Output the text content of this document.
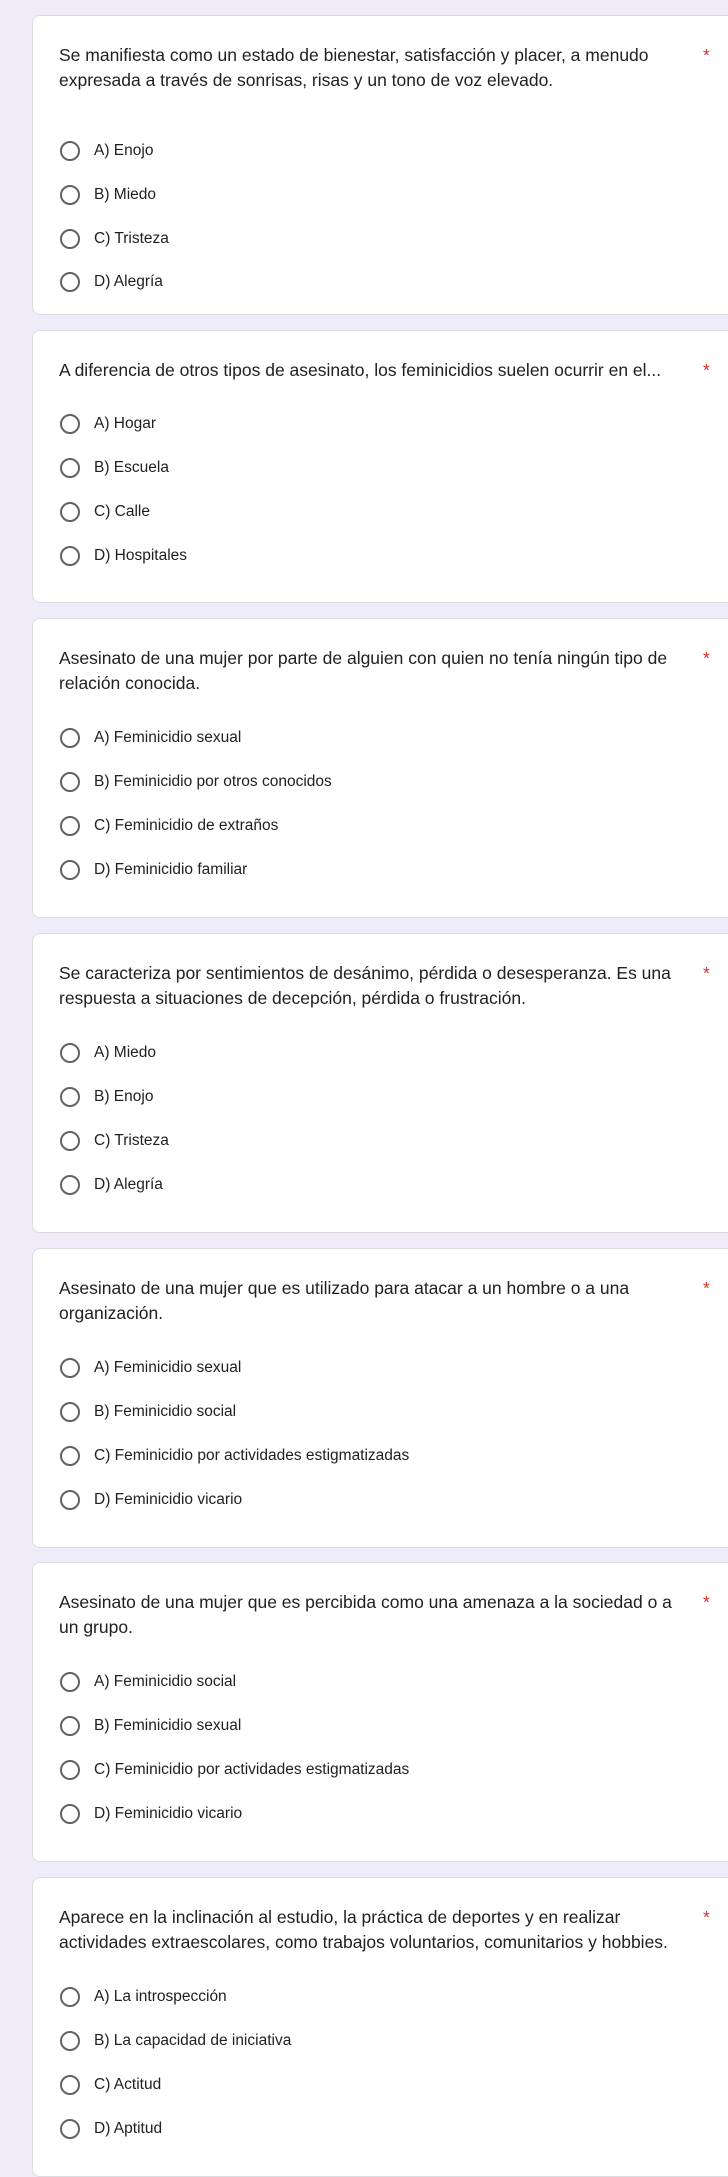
Se manifiesta como un estado de bienestar, satisfacción y placer, a menudo expresada a través de sonrisas, risas y un tono de voz elevado.
*
A) Enojo
B) Miedo
C) Tristeza
D) Alegría
A diferencia de otros tipos de asesinato, los feminicidios suelen ocurrir en el...	*
A) Hogar
B) Escuela
C) Calle
D) Hospitales
Asesinato de una mujer por parte de alguien con quien no tenía ningún tipo de relación conocida.
*
A) Feminicidio sexual
B) Feminicidio por otros conocidos
C) Feminicidio de extraños
D) Feminicidio familiar
Se caracteriza por sentimientos de desánimo, pérdida o desesperanza. Es una respuesta a situaciones de decepción, pérdida o frustración.
*
A) Miedo
B) Enojo
C) Tristeza
D) Alegría
Asesinato de una mujer que es utilizado para atacar a un hombre o a una organización.
*
A) Feminicidio sexual
B) Feminicidio social
C) Feminicidio por actividades estigmatizadas
D) Feminicidio vicario
Asesinato de una mujer que es percibida como una amenaza a la sociedad o a un grupo.
*
A) Feminicidio social
B) Feminicidio sexual
C) Feminicidio por actividades estigmatizadas
D) Feminicidio vicario
Aparece en la inclinación al estudio, la práctica de deportes y en realizar actividades extraescolares, como trabajos voluntarios, comunitarios y hobbies.
*
A) La introspección
B) La capacidad de iniciativa
C) Actitud
D) Aptitud
